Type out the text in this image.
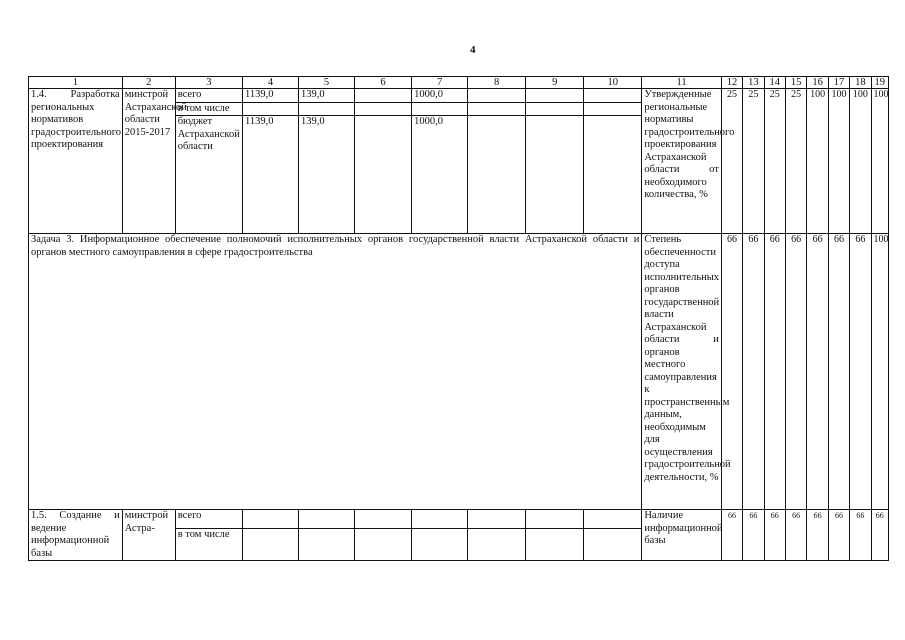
4
1	2	3	4	5	6	7	8	9	10	11	12	13	14	15	16	17	18	19
1.4. Разработка региональных нормативов градостроительного проектирования	минстрой Астраханской области 2015-2017	всего	1139,0	139,0		1000,0				Утвержденные региональные нормативы градостроительного проектирования Астраханской области от необходимого количества, %	25	25	25	25	100	100	100	100
		в том числе																
		бюджет Астраханской области	1139,0	139,0		1000,0												
Задача 3. Информационное обеспечение полномочий исполнительных органов государственной власти Астраханской области и органов местного самоуправления в сфере градостроительства										Степень обеспеченности доступа исполнительных органов государственной власти Астраханской области и органов местного самоуправления к пространственным данным, необходимым для осуществления градостроительной деятельности, %	66	66	66	66	66	66	66	100
1.5. Создание и ведение информационной базы	минстрой Астра-	всего								Наличие информационной базы	66	66	66	66	66	66	66	66
		в том числе																
